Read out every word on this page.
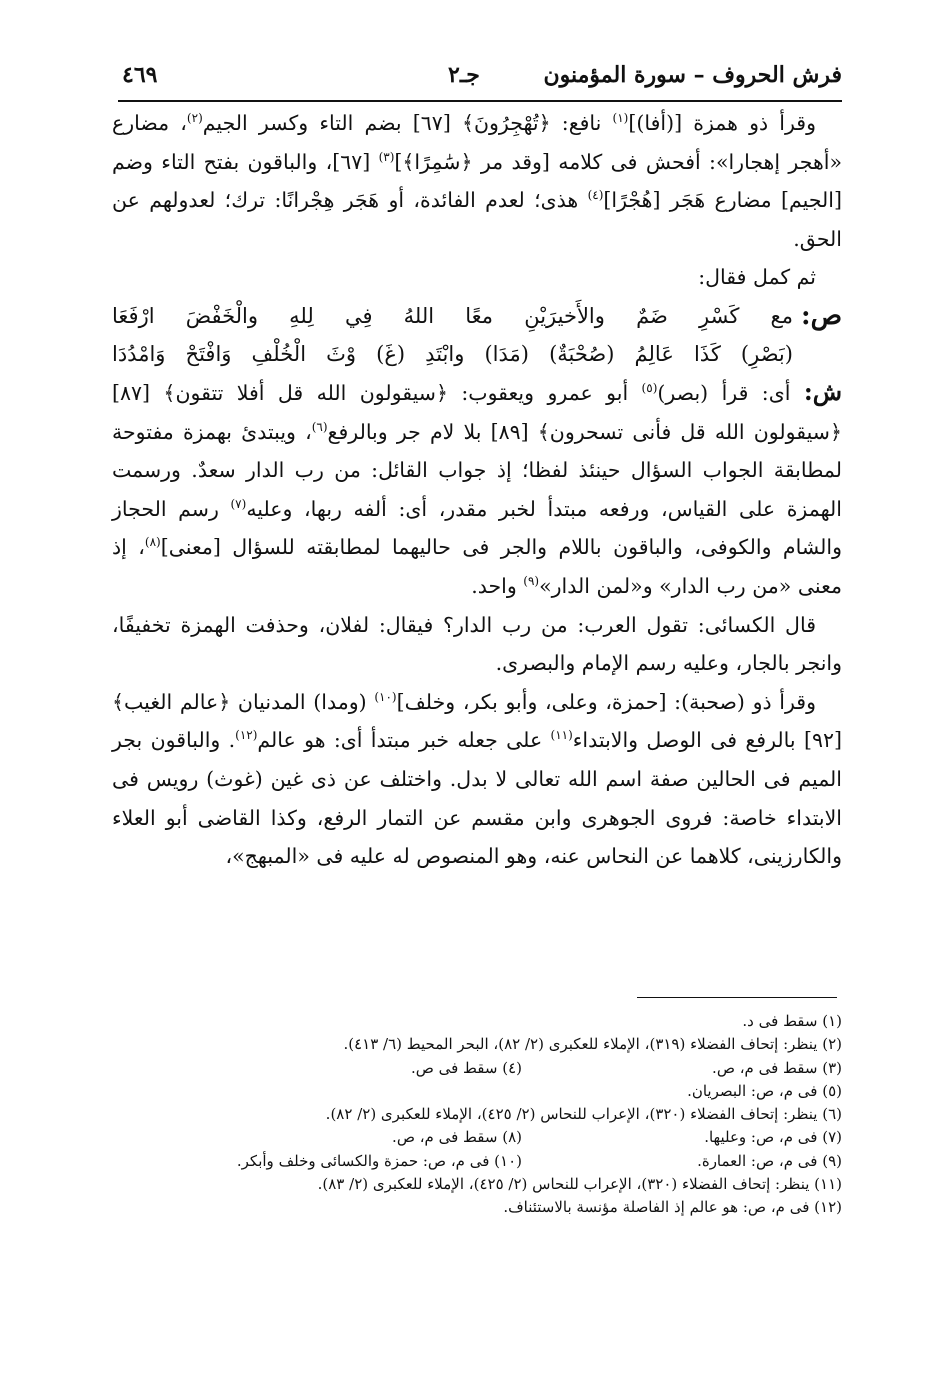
فرش الحروف – سورة المؤمنون
جـ٢
٤٦٩

وقرأ ذو همزة [(أفا)]$^{(١)}$ نافع: ﴿تُهْجِرُونَ﴾ [٦٧] بضم التاء وكسر الجيم$^{(٢)}$، مضارع «أهجر إهجارا»: أفحش فى كلامه [وقد مر ﴿سَٰمِرًا﴾]$^{(٣)}$ [٦٧]، والباقون بفتح التاء وضم [الجيم] مضارع هَجَر [هُجْرًا]$^{(٤)}$ هذى؛ لعدم الفائدة، أو هَجَر هِجْرانًا: ترك؛ لعدولهم عن الحق.

ثم كمل فقال:

ص:
مع كَسْرِ ضَمٌ والأَخيرَيْنِ معًا اللهُ فِي لِلهِ والْخَفْضَ ارْفَعَا
(بَصْرِ) كَذَا عَالِمُ (صُحْبَةٌ) (مَدَا) وابْتَدِ (غَ) وْثَ الْخُلْفِ وَافْتَحْ وَامْدُدَا

ش: أى: قرأ (بصر)$^{(٥)}$ أبو عمرو ويعقوب: ﴿سيقولون الله قل أفلا تتقون﴾ [٨٧] ﴿سيقولون الله قل فأنى تسحرون﴾ [٨٩] بلا لام جر وبالرفع$^{(٦)}$، ويبتدئ بهمزة مفتوحة لمطابقة الجواب السؤال حينئذ لفظا؛ إذ جواب القائل: من رب الدار سعدٌ. ورسمت الهمزة على القياس، ورفعه مبتدأ لخبر مقدر، أى: ألفه ربها، وعليه$^{(٧)}$ رسم الحجاز والشام والكوفى، والباقون باللام والجر فى حاليهما لمطابقته للسؤال [معنى]$^{(٨)}$، إذ معنى «من رب الدار» و«لمن الدار»$^{(٩)}$ واحد.

قال الكسائى: تقول العرب: من رب الدار؟ فيقال: لفلان، وحذفت الهمزة تخفيفًا، وانجر بالجار، وعليه رسم الإمام والبصرى.

وقرأ ذو (صحبة): [حمزة، وعلى، وأبو بكر، وخلف]$^{(١٠)}$ (ومدا) المدنيان ﴿عالم الغيب﴾ [٩٢] بالرفع فى الوصل والابتداء$^{(١١)}$ على جعله خبر مبتدأ أى: هو عالم$^{(١٢)}$. والباقون بجر الميم فى الحالين صفة اسم الله تعالى لا بدل. واختلف عن ذى غين (غوث) رويس فى الابتداء خاصة: فروى الجوهرى وابن مقسم عن التمار الرفع، وكذا القاضى أبو العلاء والكارزينى، كلاهما عن النحاس عنه، وهو المنصوص له عليه فى «المبهج»،

(١) سقط فى د.
(٢) ينظر: إتحاف الفضلاء (٣١٩)، الإملاء للعكبرى (٢/ ٨٢)، البحر المحيط (٦/ ٤١٣).
(٣) سقط فى م، ص.
(٤) سقط فى ص.
(٥) فى م، ص: البصريان.
(٦) ينظر: إتحاف الفضلاء (٣٢٠)، الإعراب للنحاس (٢/ ٤٢٥)، الإملاء للعكبرى (٢/ ٨٢).
(٧) فى م، ص: وعليها.
(٨) سقط فى م، ص.
(٩) فى م، ص: العمارة.
(١٠) فى م، ص: حمزة والكسائى وخلف وأبكر.
(١١) ينظر: إتحاف الفضلاء (٣٢٠)، الإعراب للنحاس (٢/ ٤٢٥)، الإملاء للعكبرى (٢/ ٨٣).
(١٢) فى م، ص: هو عالم إذ الفاصلة مؤنسة بالاستئناف.
